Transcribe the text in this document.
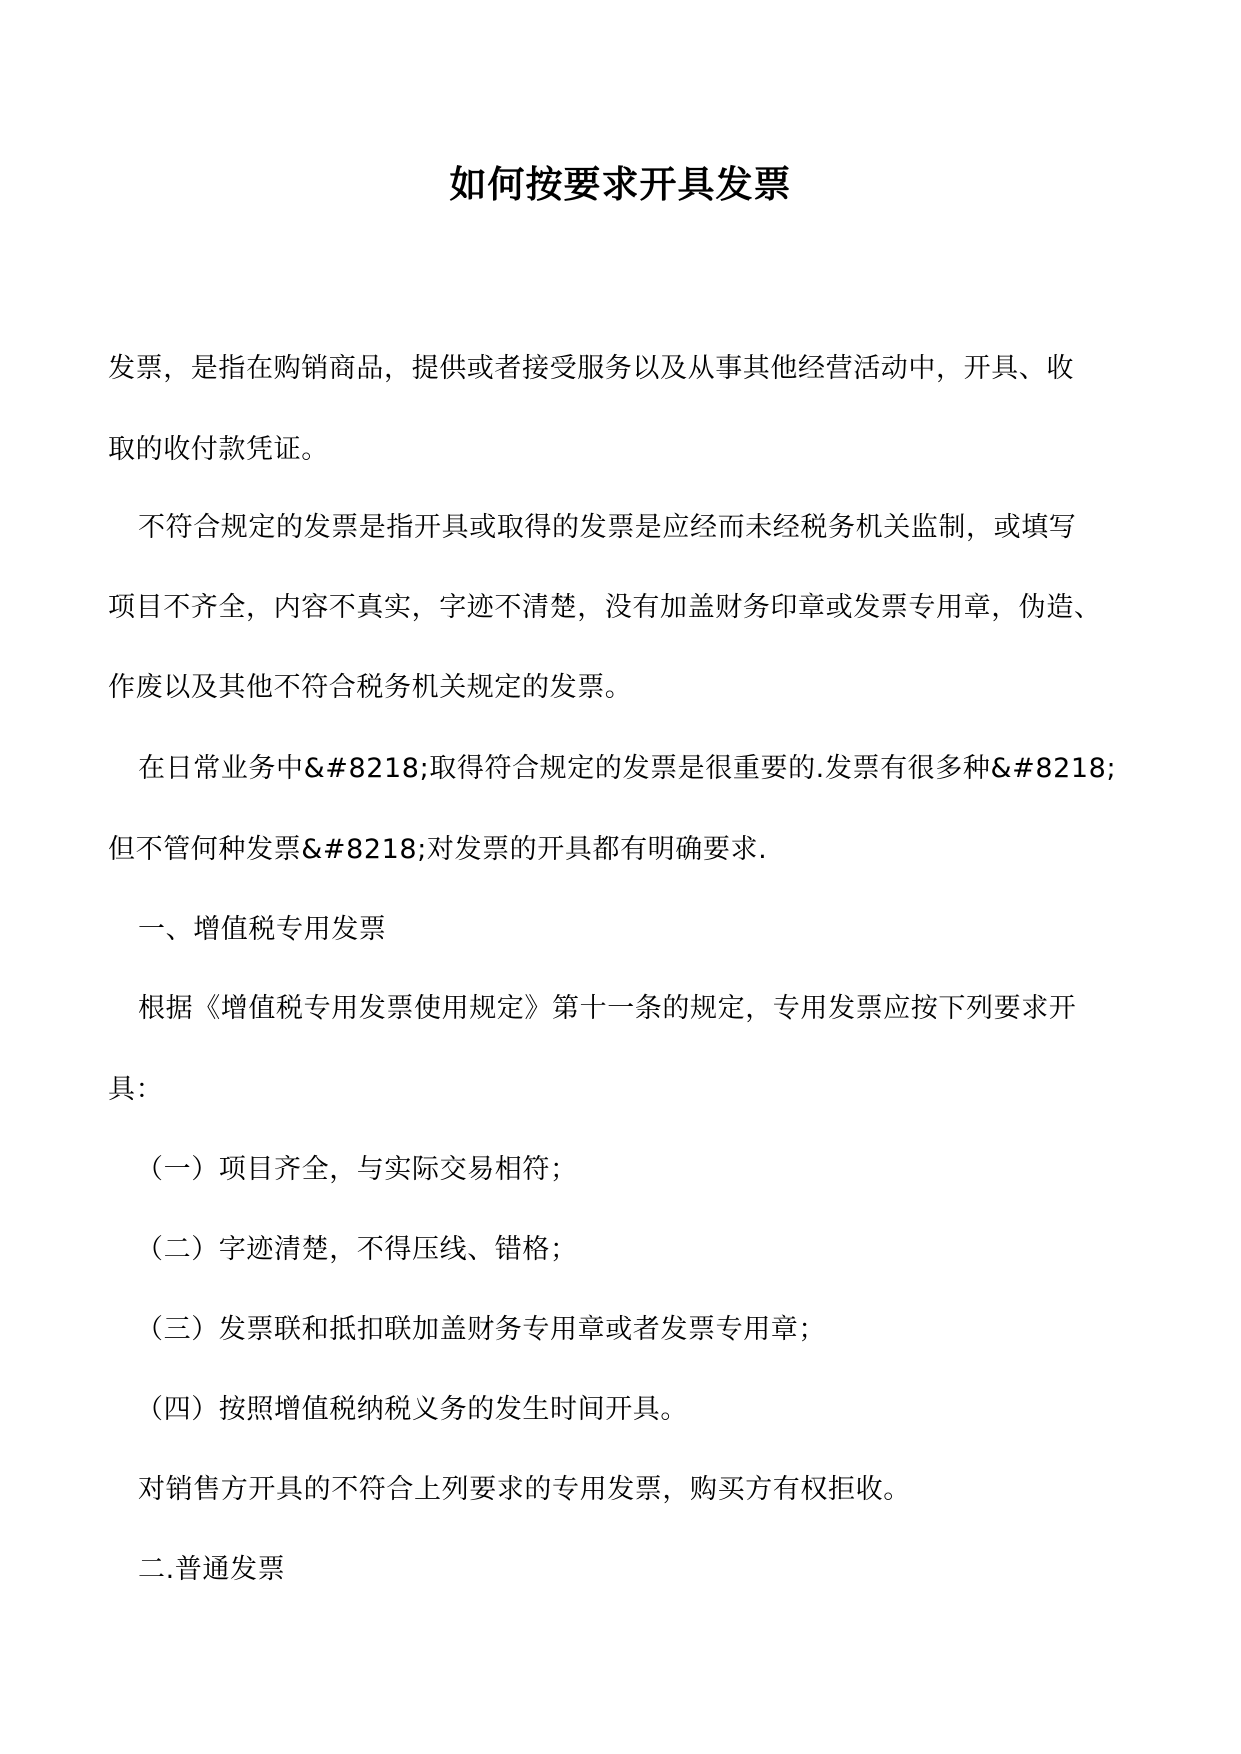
如何按要求开具发票
发票，是指在购销商品，提供或者接受服务以及从事其他经营活动中，开具、收
取的收付款凭证。
不符合规定的发票是指开具或取得的发票是应经而未经税务机关监制，或填写
项目不齐全，内容不真实，字迹不清楚，没有加盖财务印章或发票专用章，伪造、
作废以及其他不符合税务机关规定的发票。
在日常业务中&#8218;取得符合规定的发票是很重要的.发票有很多种&#8218;
但不管何种发票&#8218;对发票的开具都有明确要求.
一、增值税专用发票
根据《增值税专用发票使用规定》第十一条的规定，专用发票应按下列要求开
具：
（一）项目齐全，与实际交易相符；
（二）字迹清楚，不得压线、错格；
（三）发票联和抵扣联加盖财务专用章或者发票专用章；
（四）按照增值税纳税义务的发生时间开具。
对销售方开具的不符合上列要求的专用发票，购买方有权拒收。
二.普通发票
